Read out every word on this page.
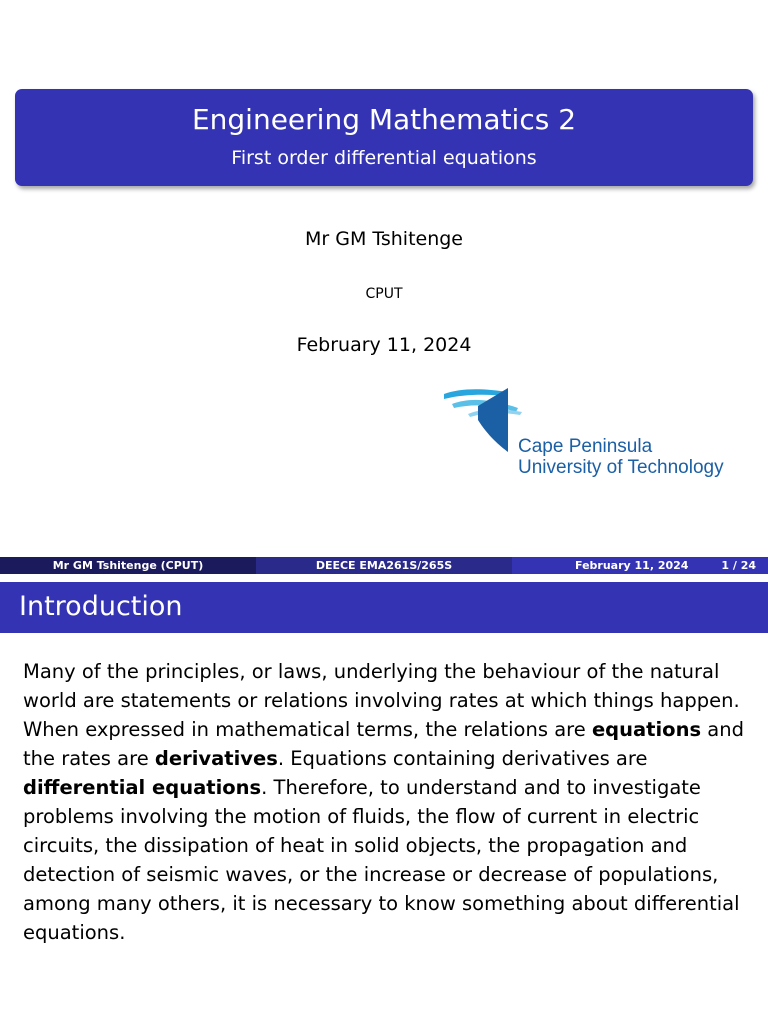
Engineering Mathematics 2
First order differential equations
Mr GM Tshitenge
CPUT
February 11, 2024
Cape Peninsula
University of Technology
Mr GM Tshitenge (CPUT)	DEECE EMA261S/265S	February 11, 2024	1 / 24
Introduction
Many of the principles, or laws, underlying the behaviour of the natural world are statements or relations involving rates at which things happen. When expressed in mathematical terms, the relations are equations and the rates are derivatives. Equations containing derivatives are differential equations. Therefore, to understand and to investigate problems involving the motion of fluids, the flow of current in electric circuits, the dissipation of heat in solid objects, the propagation and detection of seismic waves, or the increase or decrease of populations, among many others, it is necessary to know something about differential equations.
